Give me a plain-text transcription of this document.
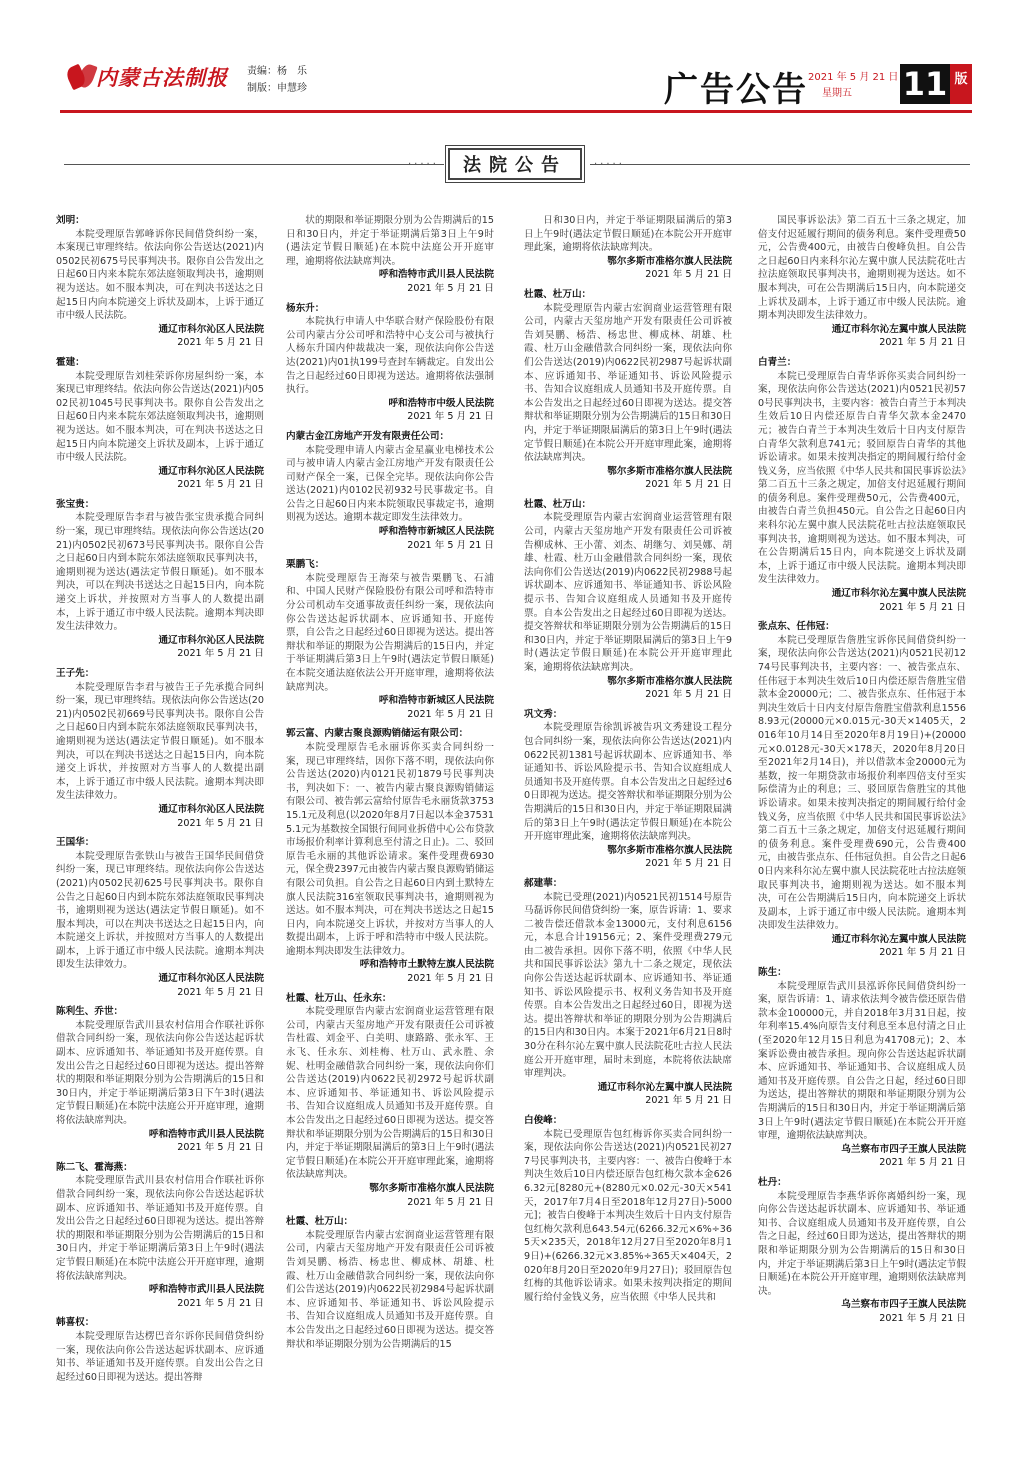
内蒙古法制报 责编：杨　乐
制版：申慧珍	广告公告 2021 年 5 月 21 日
星期五	11 版
·····	·····
法院公告

刘明：

本院受理原告郭峰诉你民间借贷纠纷一案，本案现已审理终结。依法向你公告送达(2021)内0502民初675号民事判决书。限你自公告发出之日起60日内来本院东郊法庭领取判决书，逾期则视为送达。如不服本判决，可在判决书送达之日起15日内向本院递交上诉状及副本，上诉于通辽市中级人民法院。

通辽市科尔沁区人民法院

2021 年 5 月 21 日

霍建：

本院受理原告刘桂荣诉你房屋纠纷一案，本案现已审理终结。依法向你公告送达(2021)内0502民初1045号民事判决书。限你自公告发出之日起60日内来本院东郊法庭领取判决书，逾期则视为送达。如不服本判决，可在判决书送达之日起15日内向本院递交上诉状及副本，上诉于通辽市中级人民法院。

通辽市科尔沁区人民法院

2021 年 5 月 21 日

张宝贵：

本院受理原告李君与被告张宝贵承揽合同纠纷一案，现已审理终结。现依法向你公告送达(2021)内0502民初673号民事判决书。限你自公告之日起60日内到本院东郊法庭领取民事判决书，逾期则视为送达(遇法定节假日顺延)。如不服本判决，可以在判决书送达之日起15日内，向本院递交上诉状，并按照对方当事人的人数提出副本，上诉于通辽市中级人民法院。逾期本判决即发生法律效力。

通辽市科尔沁区人民法院

2021 年 5 月 21 日

王子先：

本院受理原告李君与被告王子先承揽合同纠纷一案，现已审理终结。现依法向你公告送达(2021)内0502民初669号民事判决书。限你自公告之日起60日内到本院东郊法庭领取民事判决书，逾期则视为送达(遇法定节假日顺延)。如不服本判决，可以在判决书送达之日起15日内，向本院递交上诉状，并按照对方当事人的人数提出副本，上诉于通辽市中级人民法院。逾期本判决即发生法律效力。

通辽市科尔沁区人民法院

2021 年 5 月 21 日

王国华：

本院受理原告张铁山与被告王国华民间借贷纠纷一案，现已审理终结。现依法向你公告送达(2021)内0502民初625号民事判决书。限你自公告之日起60日内到本院东郊法庭领取民事判决书，逾期则视为送达(遇法定节假日顺延)。如不服本判决，可以在判决书送达之日起15日内，向本院递交上诉状，并按照对方当事人的人数提出副本，上诉于通辽市中级人民法院。逾期本判决即发生法律效力。

通辽市科尔沁区人民法院

2021 年 5 月 21 日

陈利生、乔世：

本院受理原告武川县农村信用合作联社诉你借款合同纠纷一案，现依法向你公告送达起诉状副本、应诉通知书、举证通知书及开庭传票。自发出公告之日起经过60日即视为送达。提出答辩状的期限和举证期限分别为公告期满后的15日和30日内，并定于举证期满后第3日下午3时(遇法定节假日顺延)在本院中法庭公开开庭审理，逾期将依法缺席判决。

呼和浩特市武川县人民法院

2021 年 5 月 21 日

陈二飞、霍海燕：

本院受理原告武川县农村信用合作联社诉你借款合同纠纷一案，现依法向你公告送达起诉状副本、应诉通知书、举证通知书及开庭传票。自发出公告之日起经过60日即视为送达。提出答辩状的期限和举证期限分别为公告期满后的15日和30日内，并定于举证期满后第3日上午9时(遇法定节假日顺延)在本院中法庭公开开庭审理，逾期将依法缺席判决。

呼和浩特市武川县人民法院

2021 年 5 月 21 日

韩喜权：

本院受理原告达楞巴音尔诉你民间借贷纠纷一案，现依法向你公告送达起诉状副本、应诉通知书、举证通知书及开庭传票。自发出公告之日起经过60日即视为送达。提出答辩

状的期限和举证期限分别为公告期满后的15日和30日内，并定于举证期满后第3日上午9时(遇法定节假日顺延)在本院中法庭公开开庭审理，逾期将依法缺席判决。

呼和浩特市武川县人民法院

2021 年 5 月 21 日

杨东升：

本院执行申请人中华联合财产保险股份有限公司内蒙古分公司呼和浩特中心支公司与被执行人杨东升国内仲裁裁决一案，现依法向你公告送达(2021)内01执199号查封车辆裁定。自发出公告之日起经过60日即视为送达。逾期将依法强制执行。

呼和浩特市中级人民法院

2021 年 5 月 21 日

内蒙古金江房地产开发有限责任公司：

本院受理申请人内蒙古金星赢业电梯技术公司与被申请人内蒙古金江房地产开发有限责任公司财产保全一案，已保全完毕。现依法向你公告送达(2021)内0102民初932号民事裁定书。自公告之日起60日内来本院领取民事裁定书，逾期则视为送达。逾期本裁定即发生法律效力。

呼和浩特市新城区人民法院

2021 年 5 月 21 日

栗鹏飞：

本院受理原告王海荣与被告栗鹏飞、石浦和、中国人民财产保险股份有限公司呼和浩特市分公司机动车交通事故责任纠纷一案，现依法向你公告送达起诉状副本、应诉通知书、开庭传票，自公告之日起经过60日即视为送达。提出答辩状和举证的期限为公告期满后的15日内，并定于举证期满后第3日上午9时(遇法定节假日顺延)在本院交通法庭依法公开开庭审理，逾期将依法缺席判决。

呼和浩特市新城区人民法院

2021 年 5 月 21 日

郭云富、内蒙古聚良源购销储运有限公司：

本院受理原告毛永丽诉你买卖合同纠纷一案，现已审理终结，因你下落不明，现依法向你公告送达(2020)内0121民初1879号民事判决书，判决如下：一、被告内蒙古聚良源购销储运有限公司、被告郭云富给付原告毛永丽货款375315.1元及利息(以2020年8月7日起以本金375315.1元为基数按全国银行间同业拆借中心公布贷款市场报价利率计算利息至付清之日止)。二、驳回原告毛永丽的其他诉讼请求。案件受理费6930元，保全费2397元由被告内蒙古聚良源购销储运有限公司负担。自公告之日起60日内到土默特左旗人民法院316室领取民事判决书，逾期则视为送达。如不服本判决，可在判决书送达之日起15日内，向本院递交上诉状，并按对方当事人的人数提出副本，上诉于呼和浩特市中级人民法院。逾期本判决即发生法律效力。

呼和浩特市土默特左旗人民法院

2021 年 5 月 21 日

杜霞、杜万山、任永东：

本院受理原告内蒙古宏润商业运营管理有限公司，内蒙古天玺房地产开发有限责任公司诉被告杜霞、刘金平、白美明、康路路、张永军、王永飞、任永东、刘桂梅、杜万山、武永胜、余妮、杜明金融借款合同纠纷一案，现依法向你们公告送达(2019)内0622民初2972号起诉状副本、应诉通知书、举证通知书、诉讼风险提示书、告知合议庭组成人员通知书及开庭传票。自本公告发出之日起经过60日即视为送达。提交答辩状和举证期限分别为公告期满后的15日和30日内，并定于举证期限届满后的第3日上午9时(遇法定节假日顺延)在本院公开开庭审理此案，逾期将依法缺席判决。

鄂尔多斯市准格尔旗人民法院

2021 年 5 月 21 日

杜霞、杜万山：

本院受理原告内蒙古宏润商业运营管理有限公司，内蒙古天玺房地产开发有限责任公司诉被告刘昊鹏、杨浩、杨忠世、柳成林、胡雄、杜霞、杜万山金融借款合同纠纷一案，现依法向你们公告送达(2019)内0622民初2984号起诉状副本、应诉通知书、举证通知书、诉讼风险提示书、告知合议庭组成人员通知书及开庭传票。自本公告发出之日起经过60日即视为送达。提交答辩状和举证期限分别为公告期满后的15

日和30日内，并定于举证期限届满后的第3日上午9时(遇法定节假日顺延)在本院公开开庭审理此案，逾期将依法缺席判决。

鄂尔多斯市准格尔旗人民法院

2021 年 5 月 21 日

杜霞、杜万山：

本院受理原告内蒙古宏润商业运营管理有限公司，内蒙古天玺房地产开发有限责任公司诉被告刘昊鹏、杨浩、杨忠世、柳成林、胡雄、杜霞、杜万山金融借款合同纠纷一案，现依法向你们公告送达(2019)内0622民初2987号起诉状副本、应诉通知书、举证通知书、诉讼风险提示书、告知合议庭组成人员通知书及开庭传票。自本公告发出之日起经过60日即视为送达。提交答辩状和举证期限分别为公告期满后的15日和30日内，并定于举证期限届满后的第3日上午9时(遇法定节假日顺延)在本院公开开庭审理此案，逾期将依法缺席判决。

鄂尔多斯市准格尔旗人民法院

2021 年 5 月 21 日

杜霞、杜万山：

本院受理原告内蒙古宏润商业运营管理有限公司，内蒙古天玺房地产开发有限责任公司诉被告柳成林、王小蕾、刘杰、胡继匀、刘昊娜、胡雄、杜霞、杜万山金融借款合同纠纷一案，现依法向你们公告送达(2019)内0622民初2988号起诉状副本、应诉通知书、举证通知书、诉讼风险提示书、告知合议庭组成人员通知书及开庭传票。自本公告发出之日起经过60日即视为送达。提交答辩状和举证期限分别为公告期满后的15日和30日内，并定于举证期限届满后的第3日上午9时(遇法定节假日顺延)在本院公开开庭审理此案，逾期将依法缺席判决。

鄂尔多斯市准格尔旗人民法院

2021 年 5 月 21 日

巩文秀：

本院受理原告徐凯诉被告巩文秀建设工程分包合同纠纷一案，现依法向你公告送达(2021)内0622民初1381号起诉状副本、应诉通知书、举证通知书、诉讼风险提示书、告知合议庭组成人员通知书及开庭传票。自本公告发出之日起经过60日即视为送达。提交答辩状和举证期限分别为公告期满后的15日和30日内，并定于举证期限届满后的第3日上午9时(遇法定节假日顺延)在本院公开开庭审理此案，逾期将依法缺席判决。

鄂尔多斯市准格尔旗人民法院

2021 年 5 月 21 日

郝建華：

本院已受理(2021)内0521民初1514号原告马磊诉你民间借贷纠纷一案，原告诉请：1、要求二被告偿还借款本金13000元，支付利息6156元，本息合计19156元；2、案件受理费279元由二被告承担。因你下落不明，依照《中华人民共和国民事诉讼法》第九十二条之规定，现依法向你公告送达起诉状副本、应诉通知书、举证通知书、诉讼风险提示书、权利义务告知书及开庭传票。自本公告发出之日起经过60日，即视为送达。提出答辩状和举证的期限分别为公告期满后的15日内和30日内。本案于2021年6月21日8时30分在科尔沁左翼中旗人民法院花吐古拉人民法庭公开开庭审理，届时未到庭，本院将依法缺席审理判决。

通辽市科尔沁左翼中旗人民法院

2021 年 5 月 21 日

白俊峰：

本院已受理原告包红梅诉你买卖合同纠纷一案，现依法向你公告送达(2021)内0521民初277号民事判决书，主要内容：一、被告白俊峰于本判决生效后10日内偿还原告包红梅欠款本金6266.32元[8280元+(8280元×0.02元-30天×541天，2017年7月4日至2018年12月27日)-5000元]；被告白俊峰于本判决生效后十日内支付原告包红梅欠款利息643.54元(6266.32元×6%÷365天×235天，2018年12月27日至2020年8月19日)+(6266.32元×3.85%÷365天×404天，2020年8月20日至2020年9月27日)；驳回原告包红梅的其他诉讼请求。如果未按判决指定的期间履行给付金钱义务，应当依照《中华人民共和

国民事诉讼法》第二百五十三条之规定，加倍支付迟延履行期间的债务利息。案件受理费50元，公告费400元，由被告白俊峰负担。自公告之日起60日内来科尔沁左翼中旗人民法院花吐古拉法庭领取民事判决书，逾期则视为送达。如不服本判决，可在公告期满后15日内，向本院递交上诉状及副本，上诉于通辽市中级人民法院。逾期本判决即发生法律效力。

通辽市科尔沁左翼中旗人民法院

2021 年 5 月 21 日

白青兰：

本院已受理原告白青华诉你买卖合同纠纷一案，现依法向你公告送达(2021)内0521民初570号民事判决书，主要内容：被告白青兰于本判决生效后10日内偿还原告白青华欠款本金2470元；被告白青兰于本判决生效后十日内支付原告白青华欠款利息741元；驳回原告白青华的其他诉讼请求。如果未按判决指定的期间履行给付金钱义务，应当依照《中华人民共和国民事诉讼法》第二百五十三条之规定，加倍支付迟延履行期间的债务利息。案件受理费50元，公告费400元，由被告白青兰负担450元。自公告之日起60日内来科尔沁左翼中旗人民法院花吐古拉法庭领取民事判决书，逾期则视为送达。如不服本判决，可在公告期满后15日内，向本院递交上诉状及副本，上诉于通辽市中级人民法院。逾期本判决即发生法律效力。

通辽市科尔沁左翼中旗人民法院

2021 年 5 月 21 日

张点东、任伟冠：

本院已受理原告詹胜宝诉你民间借贷纠纷一案，现依法向你公告送达(2021)内0521民初1274号民事判决书，主要内容：一、被告张点东、任伟冠于本判决生效后10日内偿还原告詹胜宝借款本金20000元；二、被告张点东、任伟冠于本判决生效后十日内支付原告詹胜宝借款利息15568.93元(20000元×0.015元-30天×1405天，2016年10月14日至2020年8月19日)+(20000元×0.0128元-30天×178天，2020年8月20日至2021年2月14日)，并以借款本金20000元为基数，按一年期贷款市场报价利率四倍支付至实际偿清为止的利息；三、驳回原告詹胜宝的其他诉讼请求。如果未按判决指定的期间履行给付金钱义务，应当依照《中华人民共和国民事诉讼法》第二百五十三条之规定，加倍支付迟延履行期间的债务利息。案件受理费690元，公告费400元，由被告张点东、任伟冠负担。自公告之日起60日内来科尔沁左翼中旗人民法院花吐古拉法庭领取民事判决书，逾期则视为送达。如不服本判决，可在公告期满后15日内，向本院递交上诉状及副本，上诉于通辽市中级人民法院。逾期本判决即发生法律效力。

通辽市科尔沁左翼中旗人民法院

2021 年 5 月 21 日

陈生：

本院受理原告武川县泓诉你民间借贷纠纷一案，原告诉请：1、请求依法判令被告偿还原告借款本金100000元，并自2018年3月31日起，按年利率15.4%向原告支付利息至本息付清之日止(至2020年12月15日利息为41708元)；2、本案诉讼费由被告承担。现向你公告送达起诉状副本、应诉通知书、举证通知书、合议庭组成人员通知书及开庭传票。自公告之日起，经过60日即为送达，提出答辩状的期限和举证期限分别为公告期满后的15日和30日内，并定于举证期满后第3日上午9时(遇法定节假日顺延)在本院公开开庭审理，逾期依法缺席判决。

乌兰察布市四子王旗人民法院

2021 年 5 月 21 日

杜丹：

本院受理原告李燕华诉你离婚纠纷一案，现向你公告送达起诉状副本、应诉通知书、举证通知书、合议庭组成人员通知书及开庭传票，自公告之日起，经过60日即为送达，提出答辩状的期限和举证期限分别为公告期满后的15日和30日内，并定于举证期满后第3日上午9时(遇法定节假日顺延)在本院公开开庭审理，逾期则依法缺席判决。

乌兰察布市四子王旗人民法院

2021 年 5 月 21 日
